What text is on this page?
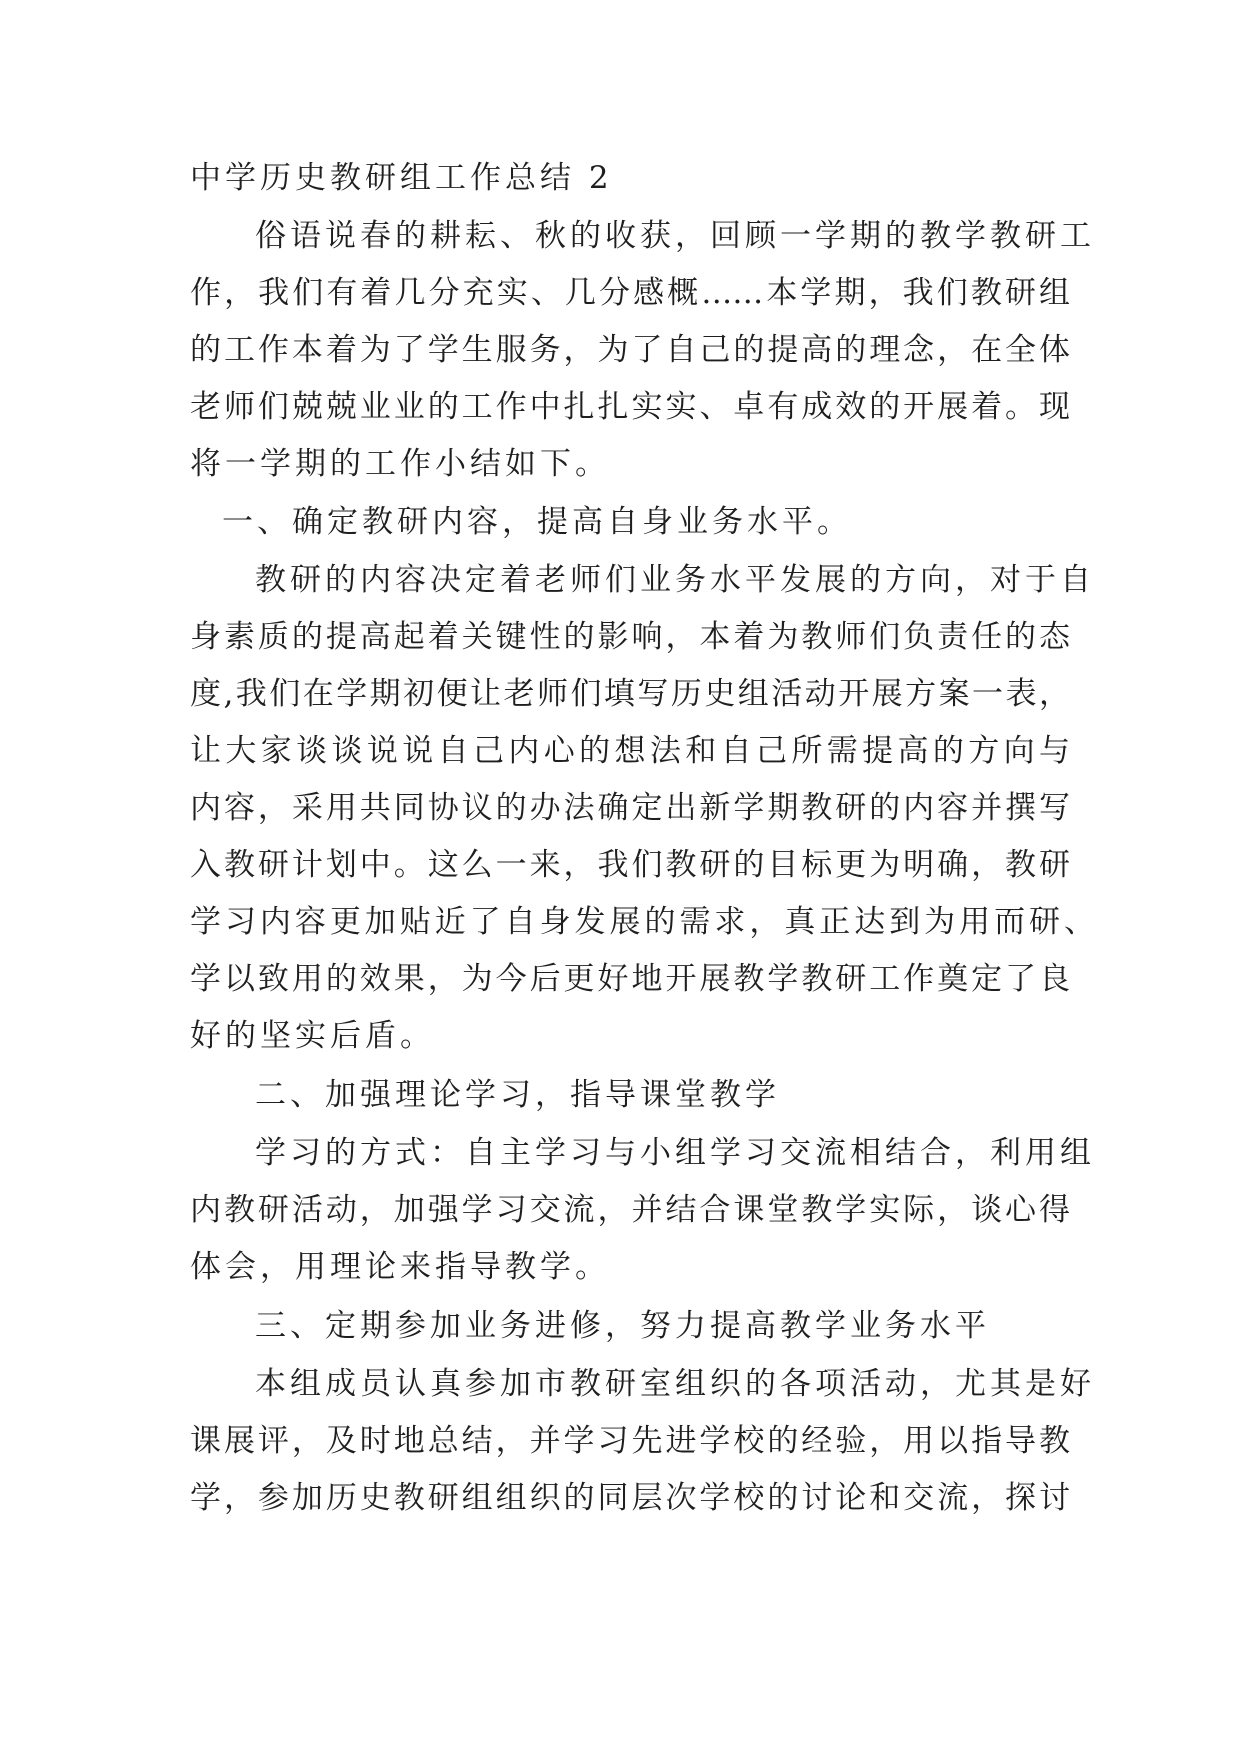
中学历史教研组工作总结 2
俗语说春的耕耘、秋的收获，回顾一学期的教学教研工
作，我们有着几分充实、几分感概……本学期，我们教研组
的工作本着为了学生服务，为了自己的提高的理念，在全体
老师们兢兢业业的工作中扎扎实实、卓有成效的开展着。现
将一学期的工作小结如下。
一、确定教研内容，提高自身业务水平。
教研的内容决定着老师们业务水平发展的方向，对于自
身素质的提高起着关键性的影响，本着为教师们负责任的态
度,我们在学期初便让老师们填写历史组活动开展方案一表，
让大家谈谈说说自己内心的想法和自己所需提高的方向与
内容，采用共同协议的办法确定出新学期教研的内容并撰写
入教研计划中。这么一来，我们教研的目标更为明确，教研
学习内容更加贴近了自身发展的需求，真正达到为用而研、
学以致用的效果，为今后更好地开展教学教研工作奠定了良
好的坚实后盾。
二、加强理论学习，指导课堂教学
学习的方式：自主学习与小组学习交流相结合，利用组
内教研活动，加强学习交流，并结合课堂教学实际，谈心得
体会，用理论来指导教学。
三、定期参加业务进修，努力提高教学业务水平
本组成员认真参加市教研室组织的各项活动，尤其是好
课展评，及时地总结，并学习先进学校的经验，用以指导教
学，参加历史教研组组织的同层次学校的讨论和交流，探讨
